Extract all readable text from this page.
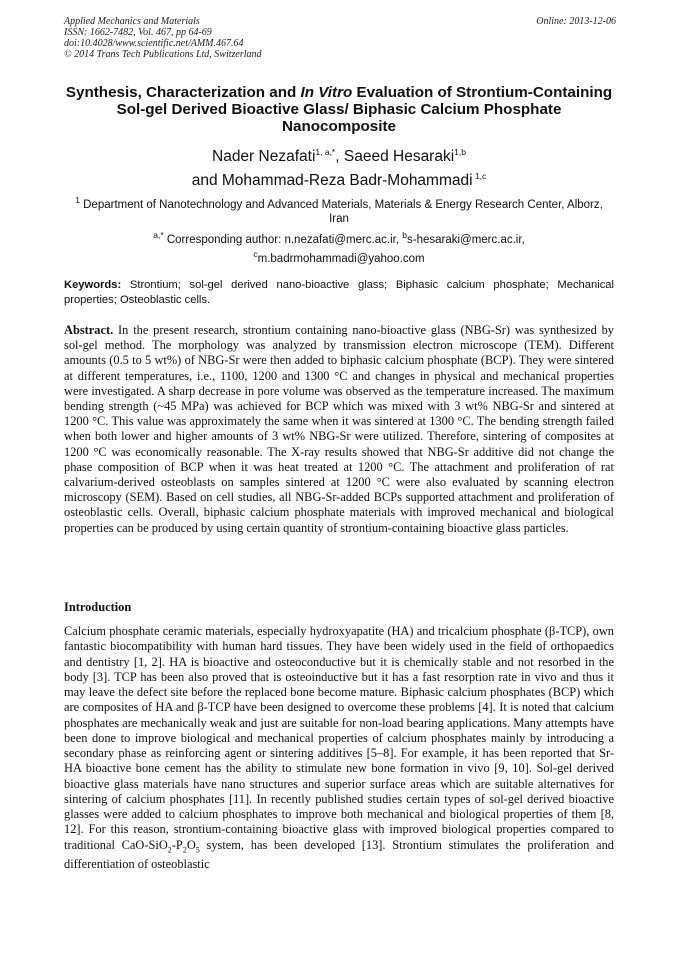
Applied Mechanics and Materials
ISSN: 1662-7482, Vol. 467, pp 64-69
doi:10.4028/www.scientific.net/AMM.467.64
© 2014 Trans Tech Publications Ltd, Switzerland
Online: 2013-12-06
Synthesis, Characterization and In Vitro Evaluation of Strontium-Containing Sol-gel Derived Bioactive Glass/ Biphasic Calcium Phosphate Nanocomposite
Nader Nezafati$^{1, a,*}$, Saeed Hesaraki$^{1,b}$
and Mohammad-Reza Badr-Mohammadi $^{1,c}$
$^1$ Department of Nanotechnology and Advanced Materials, Materials & Energy Research Center, Alborz, Iran
$^{a,*}$ Corresponding author: n.nezafati@merc.ac.ir, $^b$s-hesaraki@merc.ac.ir,
$^c$m.badrmohammadi@yahoo.com
Keywords: Strontium; sol-gel derived nano-bioactive glass; Biphasic calcium phosphate; Mechanical properties; Osteoblastic cells.
Abstract. In the present research, strontium containing nano-bioactive glass (NBG-Sr) was synthesized by sol-gel method. The morphology was analyzed by transmission electron microscope (TEM). Different amounts (0.5 to 5 wt%) of NBG-Sr were then added to biphasic calcium phosphate (BCP). They were sintered at different temperatures, i.e., 1100, 1200 and 1300 °C and changes in physical and mechanical properties were investigated. A sharp decrease in pore volume was observed as the temperature increased. The maximum bending strength (~45 MPa) was achieved for BCP which was mixed with 3 wt% NBG-Sr and sintered at 1200 °C. This value was approximately the same when it was sintered at 1300 °C. The bending strength failed when both lower and higher amounts of 3 wt% NBG-Sr were utilized. Therefore, sintering of composites at 1200 °C was economically reasonable. The X-ray results showed that NBG-Sr additive did not change the phase composition of BCP when it was heat treated at 1200 °C. The attachment and proliferation of rat calvarium-derived osteoblasts on samples sintered at 1200 °C were also evaluated by scanning electron microscopy (SEM). Based on cell studies, all NBG-Sr-added BCPs supported attachment and proliferation of osteoblastic cells. Overall, biphasic calcium phosphate materials with improved mechanical and biological properties can be produced by using certain quantity of strontium-containing bioactive glass particles.
Introduction
Calcium phosphate ceramic materials, especially hydroxyapatite (HA) and tricalcium phosphate (β-TCP), own fantastic biocompatibility with human hard tissues. They have been widely used in the field of orthopaedics and dentistry [1, 2]. HA is bioactive and osteoconductive but it is chemically stable and not resorbed in the body [3]. TCP has been also proved that is osteoinductive but it has a fast resorption rate in vivo and thus it may leave the defect site before the replaced bone become mature. Biphasic calcium phosphates (BCP) which are composites of HA and β-TCP have been designed to overcome these problems [4]. It is noted that calcium phosphates are mechanically weak and just are suitable for non-load bearing applications. Many attempts have been done to improve biological and mechanical properties of calcium phosphates mainly by introducing a secondary phase as reinforcing agent or sintering additives [5–8]. For example, it has been reported that Sr-HA bioactive bone cement has the ability to stimulate new bone formation in vivo [9, 10]. Sol-gel derived bioactive glass materials have nano structures and superior surface areas which are suitable alternatives for sintering of calcium phosphates [11]. In recently published studies certain types of sol-gel derived bioactive glasses were added to calcium phosphates to improve both mechanical and biological properties of them [8, 12]. For this reason, strontium-containing bioactive glass with improved biological properties compared to traditional CaO-$SiO_2-P_2O_5$ system, has been developed [13]. Strontium stimulates the proliferation and differentiation of osteoblastic
